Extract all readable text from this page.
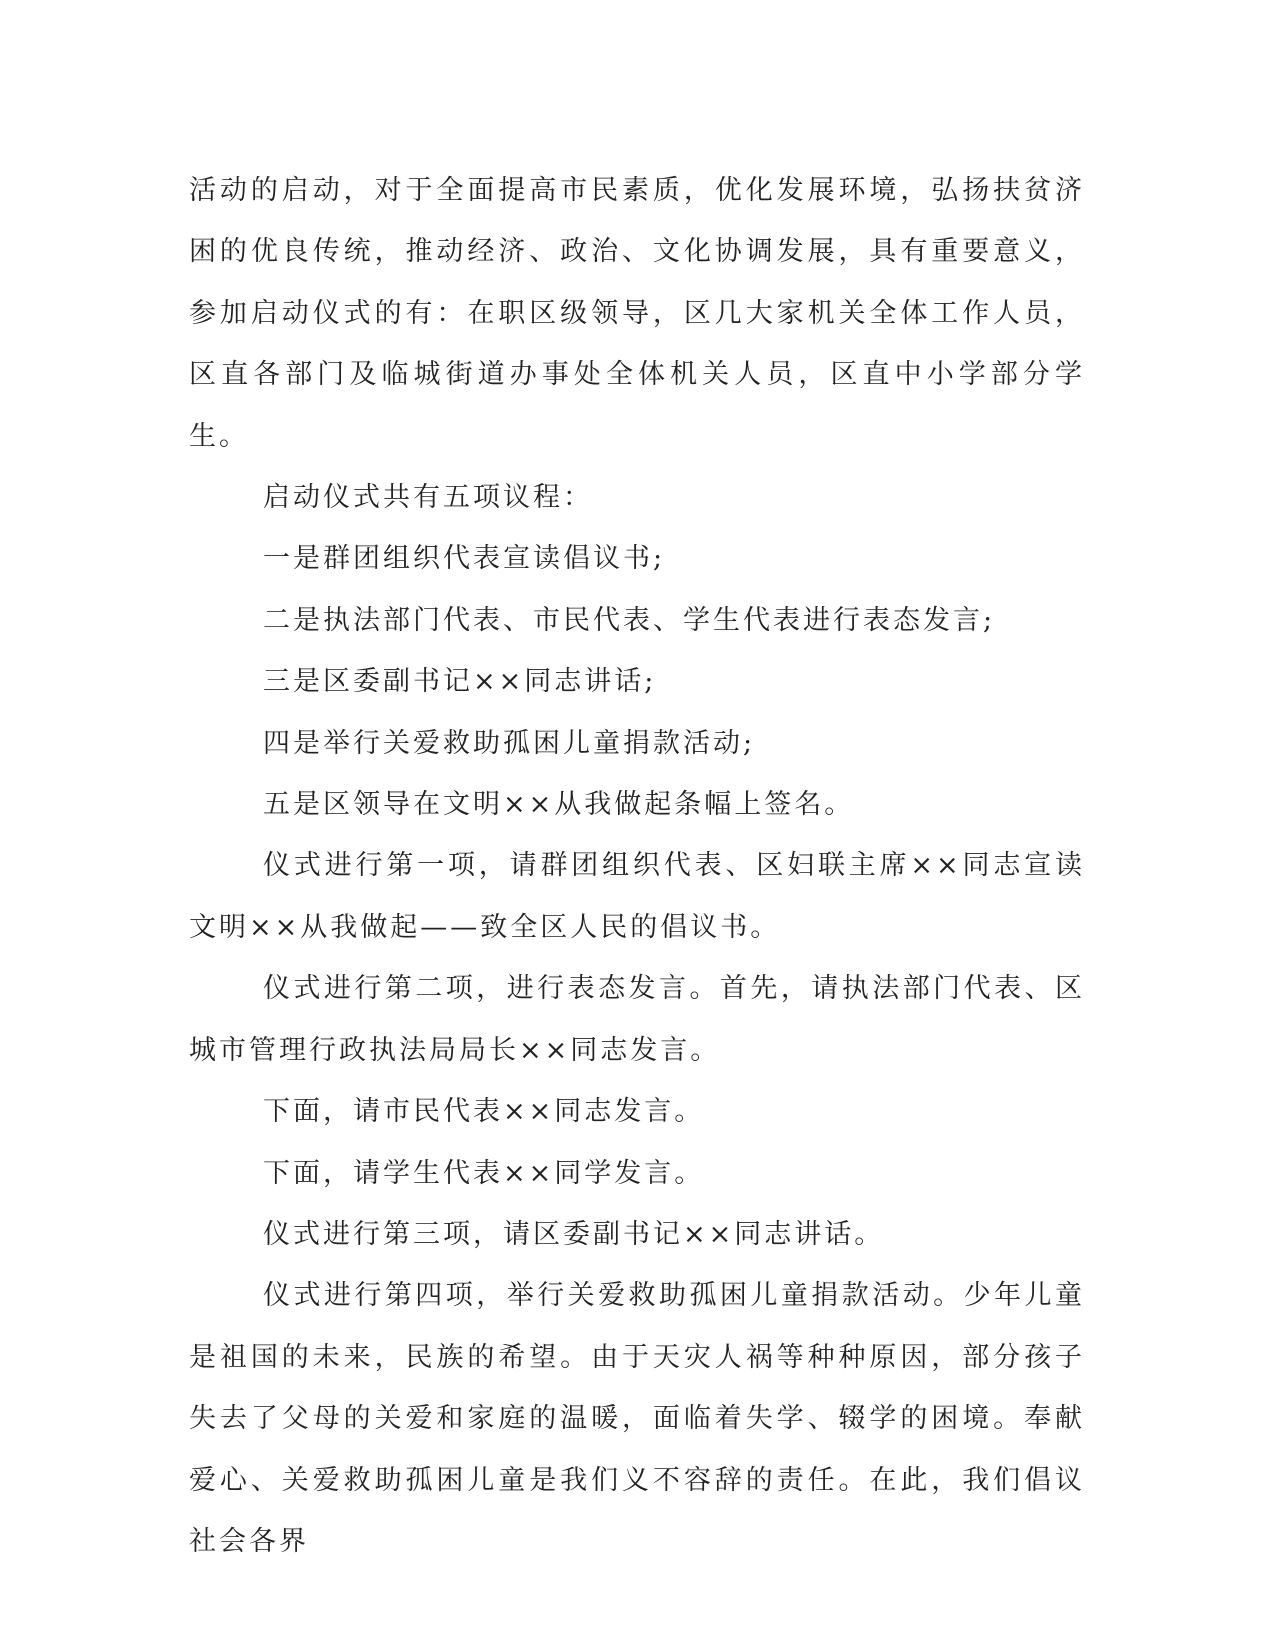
活动的启动，对于全面提高市民素质，优化发展环境，弘扬扶贫济困的优良传统，推动经济、政治、文化协调发展，具有重要意义，参加启动仪式的有：在职区级领导，区几大家机关全体工作人员，区直各部门及临城街道办事处全体机关人员，区直中小学部分学生。

启动仪式共有五项议程：

一是群团组织代表宣读倡议书;

二是执法部门代表、市民代表、学生代表进行表态发言;

三是区委副书记××同志讲话;

四是举行关爱救助孤困儿童捐款活动;

五是区领导在文明××从我做起条幅上签名。

仪式进行第一项，请群团组织代表、区妇联主席××同志宣读文明××从我做起——致全区人民的倡议书。

仪式进行第二项，进行表态发言。首先，请执法部门代表、区城市管理行政执法局局长××同志发言。

下面，请市民代表××同志发言。

下面，请学生代表××同学发言。

仪式进行第三项，请区委副书记××同志讲话。

仪式进行第四项，举行关爱救助孤困儿童捐款活动。少年儿童是祖国的未来，民族的希望。由于天灾人祸等种种原因，部分孩子失去了父母的关爱和家庭的温暖，面临着失学、辍学的困境。奉献爱心、关爱救助孤困儿童是我们义不容辞的责任。在此，我们倡议社会各界
